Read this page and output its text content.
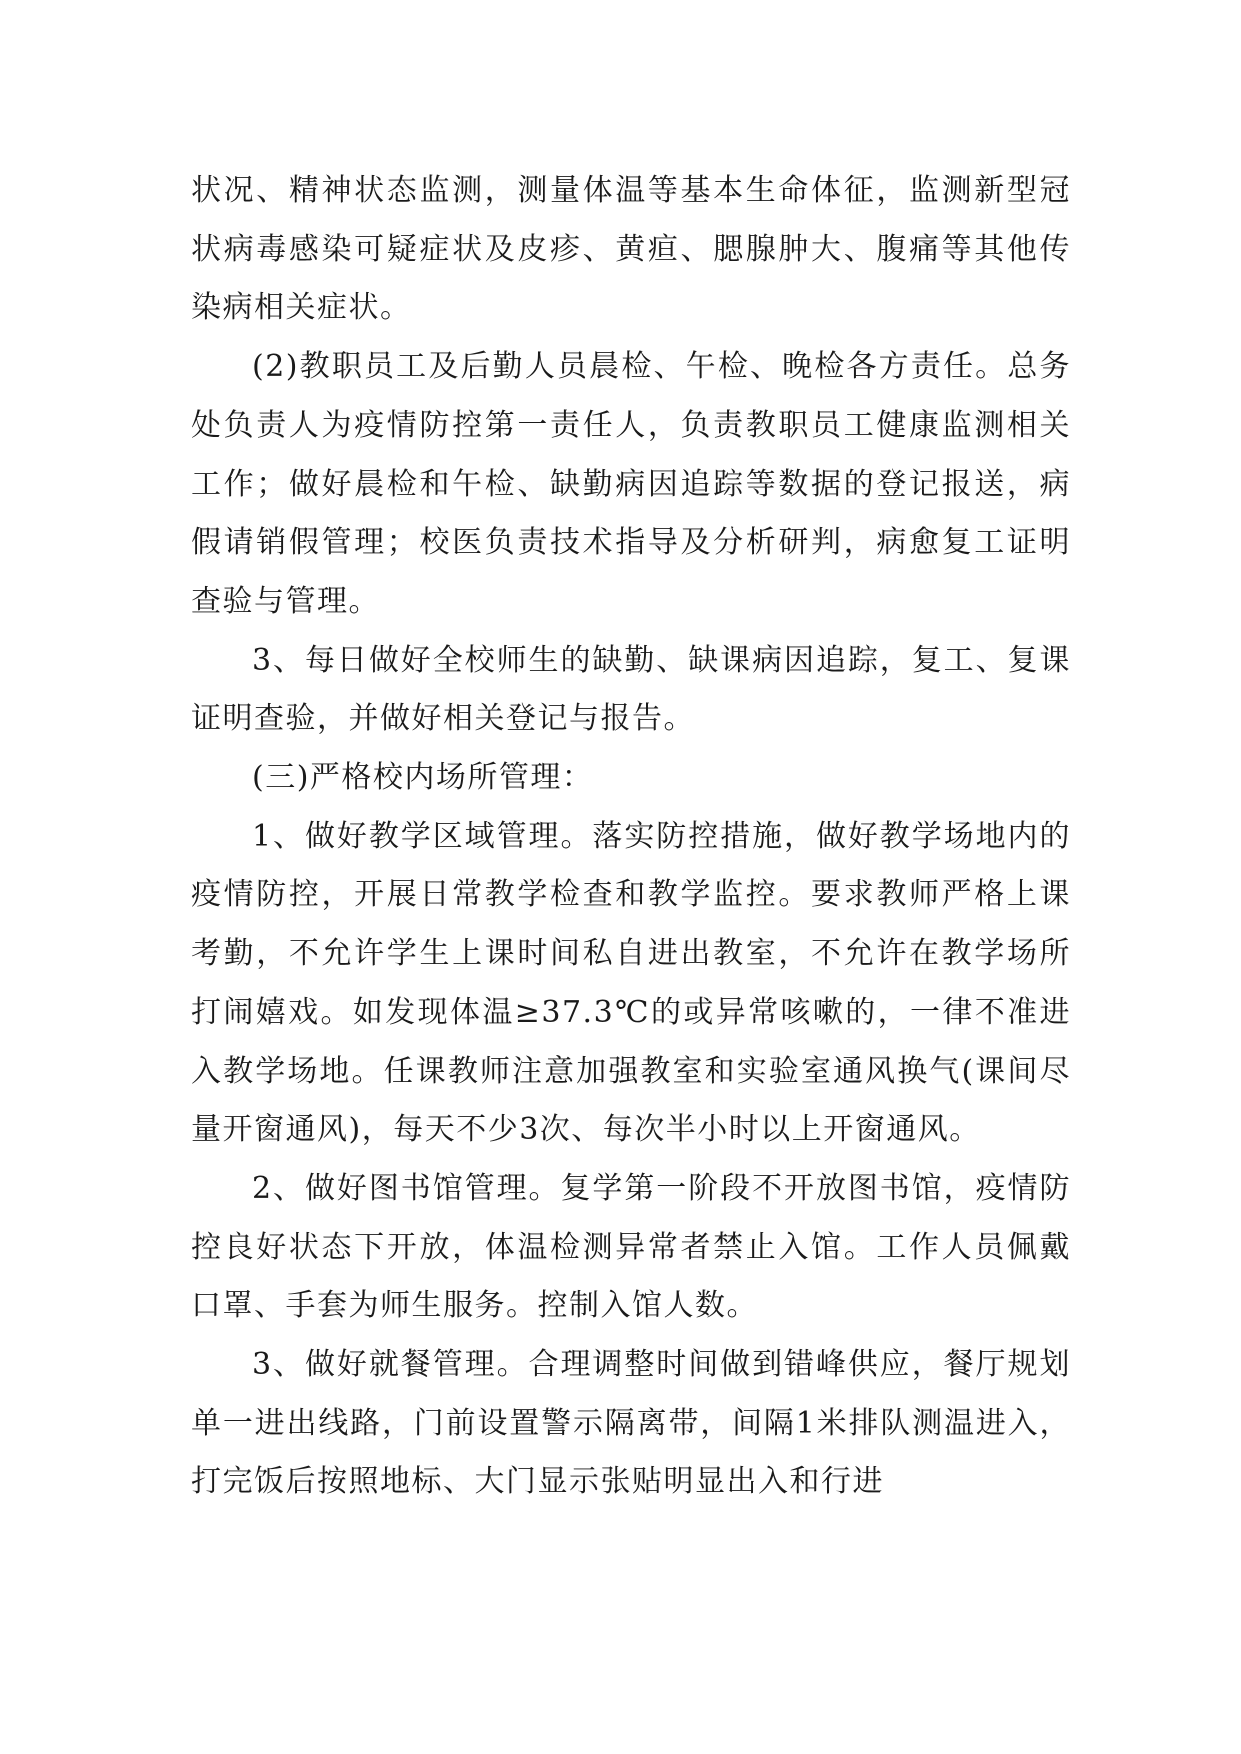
状况、精神状态监测，测量体温等基本生命体征，监测新型冠状病毒感染可疑症状及皮疹、黄疸、腮腺肿大、腹痛等其他传染病相关症状。

(2)教职员工及后勤人员晨检、午检、晚检各方责任。总务处负责人为疫情防控第一责任人，负责教职员工健康监测相关工作；做好晨检和午检、缺勤病因追踪等数据的登记报送，病假请销假管理；校医负责技术指导及分析研判，病愈复工证明查验与管理。

3、每日做好全校师生的缺勤、缺课病因追踪，复工、复课证明查验，并做好相关登记与报告。

(三)严格校内场所管理：

1、做好教学区域管理。落实防控措施，做好教学场地内的疫情防控，开展日常教学检查和教学监控。要求教师严格上课考勤，不允许学生上课时间私自进出教室，不允许在教学场所打闹嬉戏。如发现体温≥37.3℃的或异常咳嗽的，一律不准进入教学场地。任课教师注意加强教室和实验室通风换气(课间尽量开窗通风)，每天不少3次、每次半小时以上开窗通风。

2、做好图书馆管理。复学第一阶段不开放图书馆，疫情防控良好状态下开放，体温检测异常者禁止入馆。工作人员佩戴口罩、手套为师生服务。控制入馆人数。

3、做好就餐管理。合理调整时间做到错峰供应，餐厅规划单一进出线路，门前设置警示隔离带，间隔1米排队测温进入，打完饭后按照地标、大门显示张贴明显出入和行进
